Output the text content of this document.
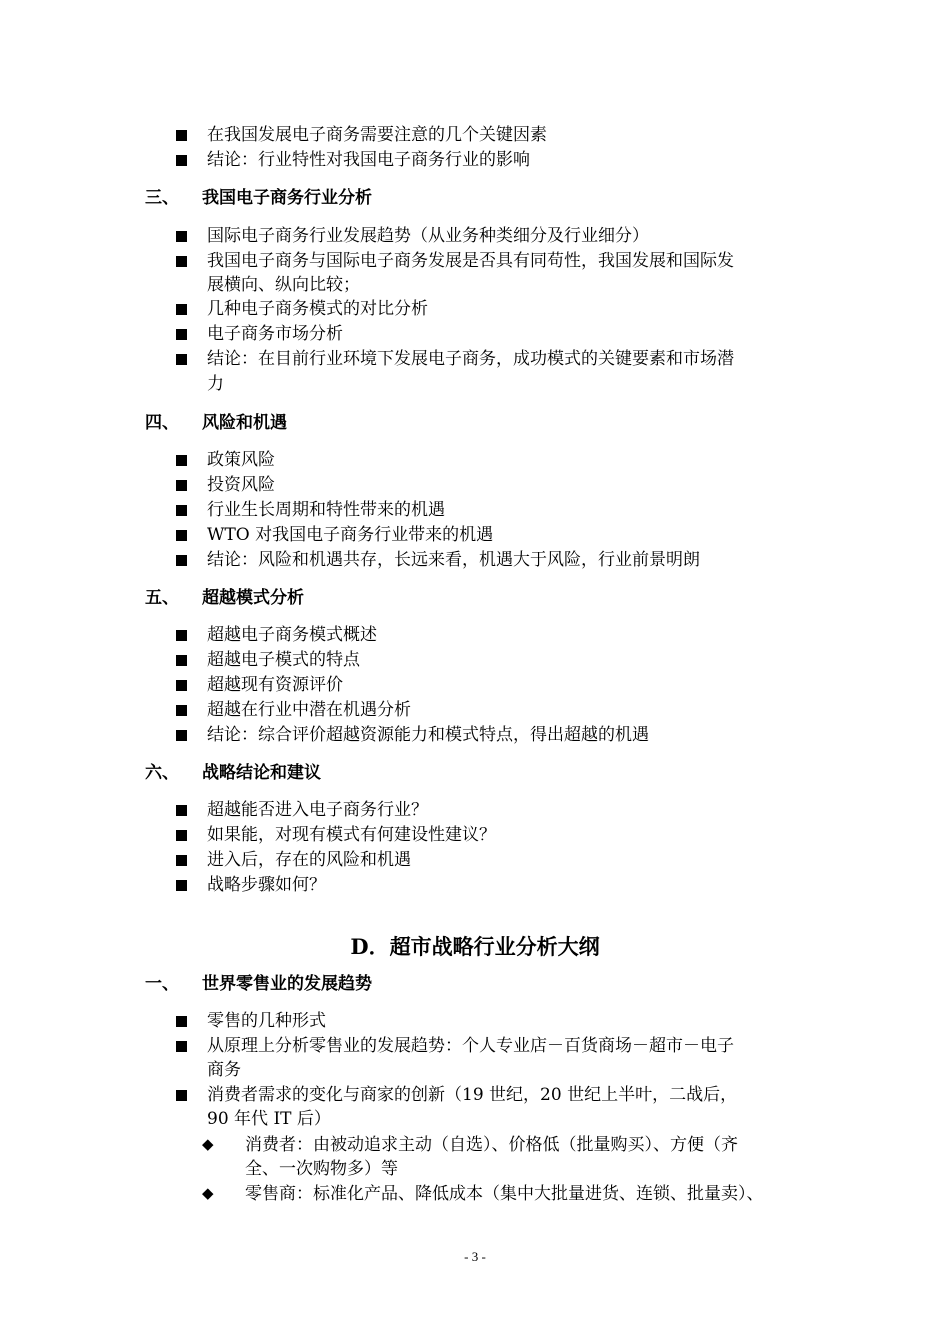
在我国发展电子商务需要注意的几个关键因素
结论：行业特性对我国电子商务行业的影响
三、 我国电子商务行业分析
国际电子商务行业发展趋势（从业务种类细分及行业细分）
我国电子商务与国际电子商务发展是否具有同苟性，我国发展和国际发
展横向、纵向比较；
几种电子商务模式的对比分析
电子商务市场分析
结论：在目前行业环境下发展电子商务，成功模式的关键要素和市场潜
力
四、 风险和机遇
政策风险
投资风险
行业生长周期和特性带来的机遇
WTO 对我国电子商务行业带来的机遇
结论：风险和机遇共存，长远来看，机遇大于风险，行业前景明朗
五、 超越模式分析
超越电子商务模式概述
超越电子模式的特点
超越现有资源评价
超越在行业中潜在机遇分析
结论：综合评价超越资源能力和模式特点，得出超越的机遇
六、 战略结论和建议
超越能否进入电子商务行业？
如果能，对现有模式有何建设性建议？
进入后，存在的风险和机遇
战略步骤如何？
D．超市战略行业分析大纲
一、 世界零售业的发展趋势
零售的几种形式
从原理上分析零售业的发展趋势：个人专业店－百货商场－超市－电子
商务
消费者需求的变化与商家的创新（19 世纪，20 世纪上半叶，二战后，
90 年代 IT 后）
◆ 消费者：由被动追求主动（自选）、价格低（批量购买）、方便（齐
全、一次购物多）等
◆ 零售商：标准化产品、降低成本（集中大批量进货、连锁、批量卖）、
- 3 -
